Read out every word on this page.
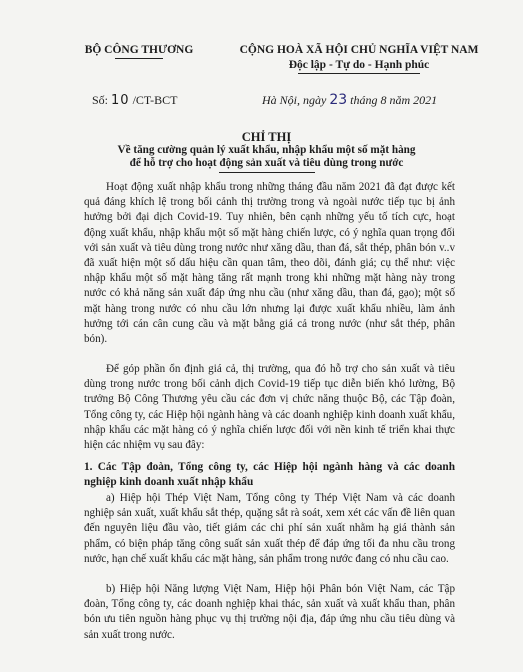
BỘ CÔNG THƯƠNG	CỘNG HOÀ XÃ HỘI CHỦ NGHĨA VIỆT NAM
Độc lập - Tự do - Hạnh phúc
Số: 10 /CT-BCT	Hà Nội, ngày 23 tháng 8 năm 2021
CHỈ THỊ
Về tăng cường quản lý xuất khẩu, nhập khẩu một số mặt hàng
để hỗ trợ cho hoạt động sản xuất và tiêu dùng trong nước
Hoạt động xuất nhập khẩu trong những tháng đầu năm 2021 đã đạt được kết quả đáng khích lệ trong bối cảnh thị trường trong và ngoài nước tiếp tục bị ảnh hưởng bởi đại dịch Covid-19. Tuy nhiên, bên cạnh những yếu tố tích cực, hoạt động xuất khẩu, nhập khẩu một số mặt hàng chiến lược, có ý nghĩa quan trọng đối với sản xuất và tiêu dùng trong nước như xăng dầu, than đá, sắt thép, phân bón v..v đã xuất hiện một số dấu hiệu cần quan tâm, theo dõi, đánh giá; cụ thể như: việc nhập khẩu một số mặt hàng tăng rất mạnh trong khi những mặt hàng này trong nước có khả năng sản xuất đáp ứng nhu cầu (như xăng dầu, than đá, gạo); một số mặt hàng trong nước có nhu cầu lớn nhưng lại được xuất khẩu nhiều, làm ảnh hưởng tới cán cân cung cầu và mặt bằng giá cả trong nước (như sắt thép, phân bón).
Để góp phần ổn định giá cả, thị trường, qua đó hỗ trợ cho sản xuất và tiêu dùng trong nước trong bối cảnh dịch Covid-19 tiếp tục diễn biến khó lường, Bộ trưởng Bộ Công Thương yêu cầu các đơn vị chức năng thuộc Bộ, các Tập đoàn, Tổng công ty, các Hiệp hội ngành hàng và các doanh nghiệp kinh doanh xuất khẩu, nhập khẩu các mặt hàng có ý nghĩa chiến lược đối với nền kinh tế triển khai thực hiện các nhiệm vụ sau đây:
1. Các Tập đoàn, Tổng công ty, các Hiệp hội ngành hàng và các doanh nghiệp kinh doanh xuất nhập khẩu
a) Hiệp hội Thép Việt Nam, Tổng công ty Thép Việt Nam và các doanh nghiệp sản xuất, xuất khẩu sắt thép, quặng sắt rà soát, xem xét các vấn đề liên quan đến nguyên liệu đầu vào, tiết giảm các chi phí sản xuất nhằm hạ giá thành sản phẩm, có biện pháp tăng công suất sản xuất thép để đáp ứng tối đa nhu cầu trong nước, hạn chế xuất khẩu các mặt hàng, sản phẩm trong nước đang có nhu cầu cao.
b) Hiệp hội Năng lượng Việt Nam, Hiệp hội Phân bón Việt Nam, các Tập đoàn, Tổng công ty, các doanh nghiệp khai thác, sản xuất và xuất khẩu than, phân bón ưu tiên nguồn hàng phục vụ thị trường nội địa, đáp ứng nhu cầu tiêu dùng và sản xuất trong nước.
